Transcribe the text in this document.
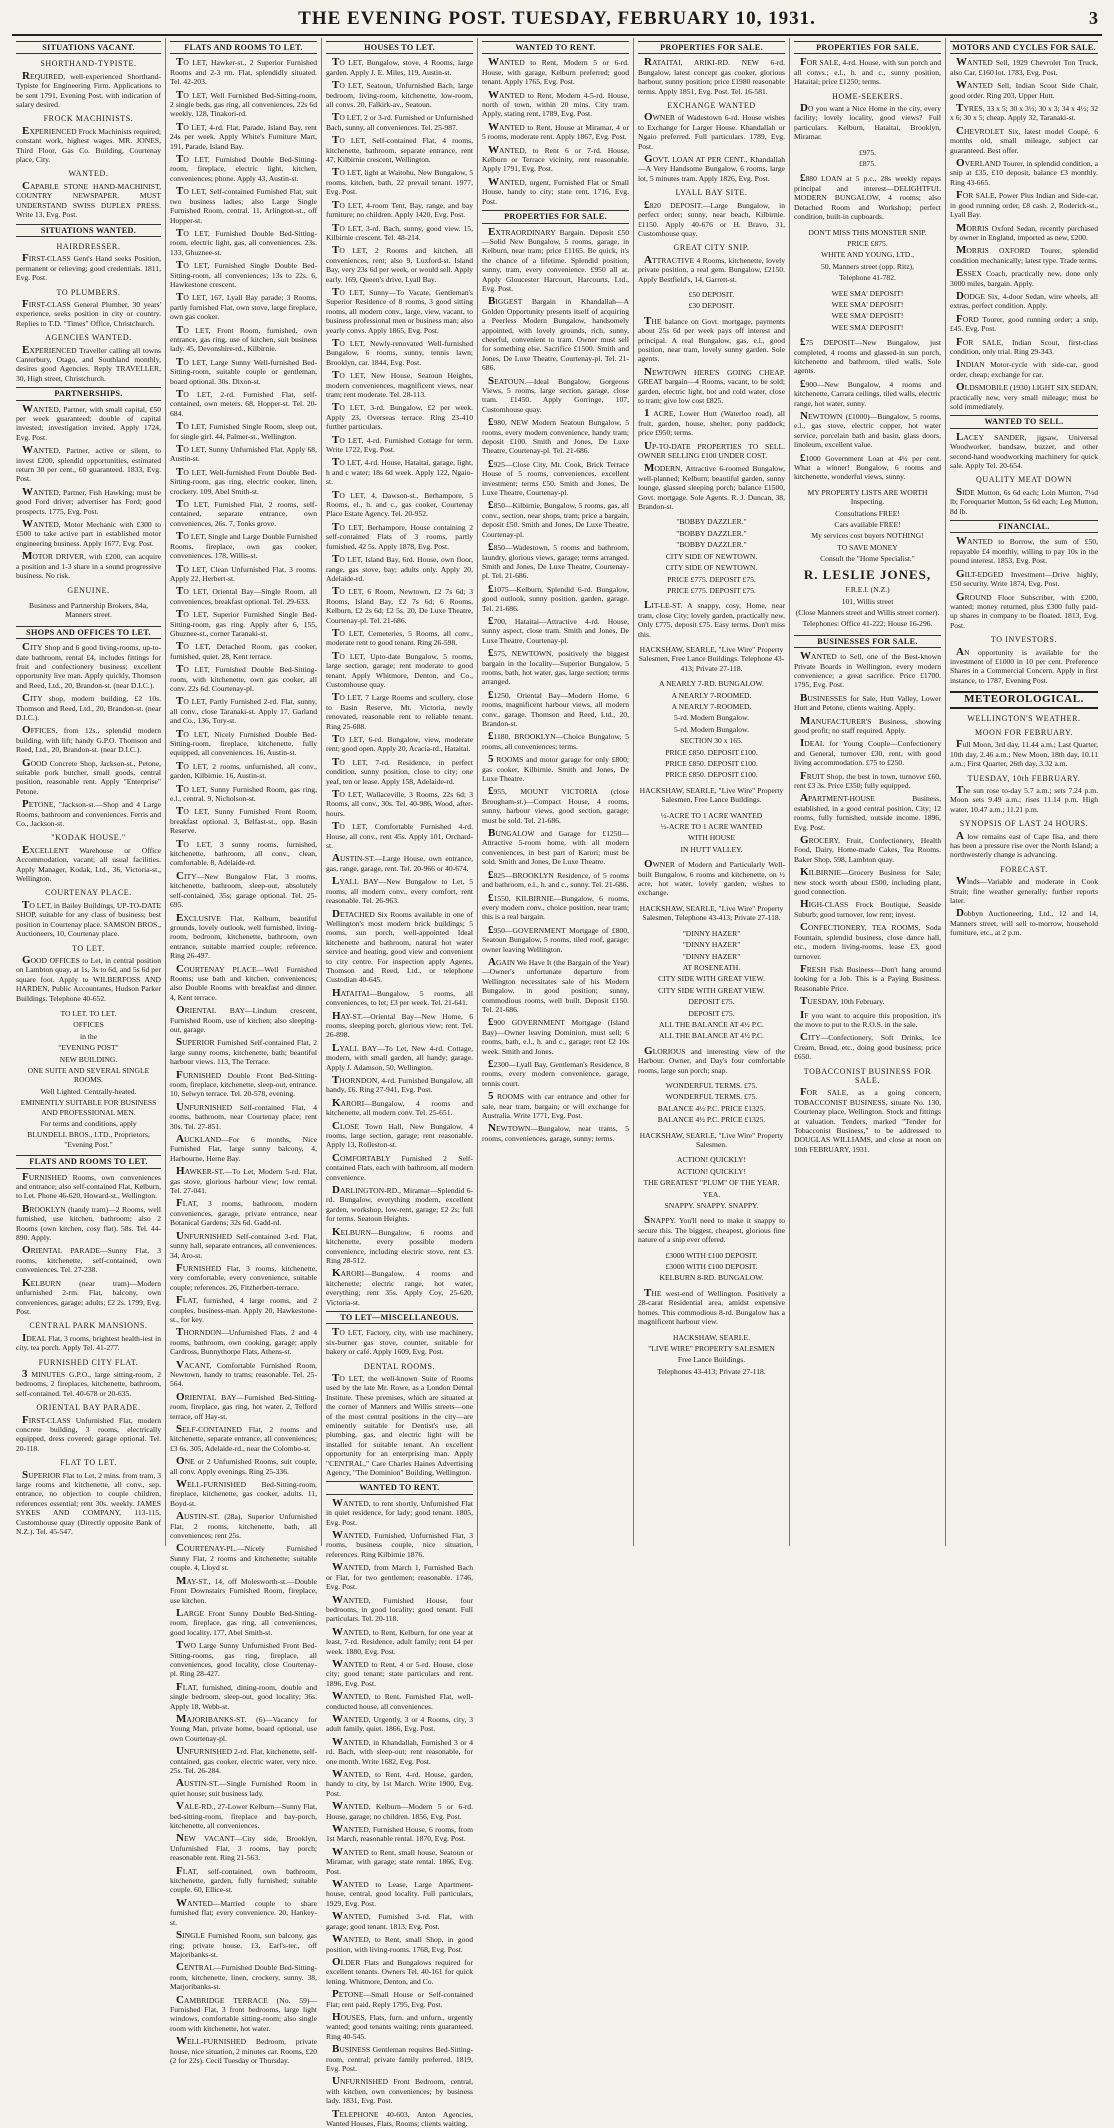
THE EVENING POST. TUESDAY, FEBRUARY 10, 1931.	3
SITUATIONS VACANT.
SHORTHAND-TYPISTE.

REQUIRED, well-experienced Shorthand-Typiste for Engineering Firm. Applications to be sent 1791, Evening Post, with indication of salary desired.

FROCK MACHINISTS.

EXPERIENCED Frock Machinists required; constant work, highest wages. MR. JONES, Third Floor, Gas Co. Building, Courtenay place, City.

WANTED.

CAPABLE STONE HAND-MACHINIST, COUNTRY NEWSPAPER. MUST UNDERSTAND SWISS DUPLEX PRESS. Write 13, Evg. Post.

SITUATIONS WANTED.
HAIRDRESSER.

FIRST-CLASS Gent's Hand seeks Position, permanent or relieving; good credentials. 1811, Evg. Post.

TO PLUMBERS.

FIRST-CLASS General Plumber, 30 years' experience, seeks position in city or country. Replies to T.D. "Times" Office, Christchurch.

AGENCIES WANTED.

EXPERIENCED Traveller calling all towns Canterbury, Otago, and Southland monthly, desires good Agencies. Reply TRAVELLER, 30, High street, Christchurch.

PARTNERSHIPS.

WANTED, Partner, with small capital, £50 per week guaranteed; double of capital invested; investigation invited. Apply 1724, Evg. Post.

WANTED, Partner, active or silent, to invest £200, splendid opportunities, estimated return 30 per cent., 60 guaranteed. 1833, Evg. Post.

WANTED, Partner, Fish Hawking; must be good Ford driver; advertiser has Ford; good prospects. 1775, Evg. Post.

WANTED, Motor Mechanic with £300 to £500 to take active part in established motor engineering business. Apply 1677, Evg. Post.

MOTOR DRIVER, with £200, can acquire a position and 1-3 share in a sound progressive business. No risk.

GENUINE.
Business and Partnership Brokers, 84a, Manners street.
SHOPS AND OFFICES TO LET.

CITY Shop and 6 good living-rooms, up-to-date bathroom, rental £4, includes fittings for fruit and confectionery business; excellent opportunity live man. Apply quickly, Thomson and Reed, Ltd., 20, Brandon-st. (near D.I.C.).

CITY shop, modern building, £2 10s. Thomson and Reed, Ltd., 20, Brandon-st. (near D.I.C.).

OFFICES, from 12s., splendid modern building, with lift; handy G.P.O. Thomson and Reed, Ltd., 20, Brandon-st. (near D.I.C.).

GOOD Concrete Shop, Jackson-st., Petone, suitable pork butcher, small goods, central position, reasonable rent. Apply "Enterprise" Petone.

PETONE, "Jackson-st.—Shop and 4 Large Rooms, bathroom and conveniences. Ferris and Co., Jackson-st.

"KODAK HOUSE."

EXCELLENT Warehouse or Office Accommodation, vacant; all usual facilities. Apply Manager, Kodak, Ltd., 36, Victoria-st., Wellington.

COURTENAY PLACE.

TO LET, in Bailey Buildings, UP-TO-DATE SHOP, suitable for any class of business; best position in Courtenay place. SAMSON BROS., Auctioneers, 10, Courtenay place.

TO LET.

GOOD OFFICES to Let, in central position on Lambton quay, at 1s, 3s to 6d, and 5s 6d per square foot. Apply to WILBERFOSS AND HARDEN, Public Accountants, Hudson Parker Buildings. Telephone 40-652.

TO LET. TO LET.
OFFICES
in the
"EVENING POST"
NEW BUILDING.
ONE SUITE AND SEVERAL SINGLE ROOMS.
Well Lighted. Centrally-heated.
EMINENTLY SUITABLE FOR BUSINESS AND PROFESSIONAL MEN.
For terms and conditions, apply
BLUNDELL BROS., LTD., Proprietors, "Evening Post."
FLATS AND ROOMS TO LET.

FURNISHED Rooms, own conveniences and entrance; also self-contained Flat, Kelburn, to Let. Phone 46-620, Howard-st., Wellington.

BROOKLYN (handy tram)—2 Rooms, well furnished, use kitchen, bathroom; also 2 Rooms (own kitchen, cosy flat). 58s. Tel. 44-890. Apply.

ORIENTAL PARADE—Sunny Flat, 3 rooms, kitchenette, self-contained, own conveniences. Tel. 27-238.

KELBURN (near tram)—Modern unfurnished 2-rm. Flat, balcony, own conveniences, garage; adults; £2 2s. 1799, Evg. Post.

CENTRAL PARK MANSIONS.

IDEAL Flat, 3 rooms, brightest health-iest in city, tea porch. Apply Tel. 41-277.

FURNISHED CITY FLAT.

3 MINUTES G.P.O., large sitting-room, 2 bedrooms, 2 fireplaces, kitchenette, bathroom, self-contained. Tel. 40-678 or 20-635.

ORIENTAL BAY PARADE.

FIRST-CLASS Unfurnished Flat, modern concrete building, 3 rooms, electrically equipped, dress covered; garage optional. Tel. 20-118.

FLAT TO LET.

SUPERIOR Flat to Let, 2 mins. from tram, 3 large rooms and kitchenette, all conv., sep. entrance, no objection to couple children, references essential; rent 30s. weekly. JAMES SYKES AND COMPANY, 113-115, Customhouse quay (Directly opposite Bank of N.Z.). Tel. 45-547.

FLATS AND ROOMS TO LET.

TO LET, Hawker-st., 2 Superior Furnished Rooms and 2-3 rm. Flat, splendidly situated. Tel. 42-203.

TO LET, Well Furnished Bed-Sitting-room, 2 single beds, gas ring, all conveniences, 22s 6d weekly. 128, Tinakori-rd.

TO LET, 4-rd. Flat, Parade, Island Bay, rent 24s per week. Apply White's Furniture Mart, 191, Parade, Island Bay.

TO LET, Furnished Double Bed-Sitting-room, fireplace, electric light, kitchen, conveniences; phone. Apply 43, Austin-st.

TO LET, Self-contained Furnished Flat, suit two business ladies; also Large Single Furnished Room, central. 11, Arlington-st., off Hopper-st.

TO LET, Furnished Double Bed-Sitting-room, electric light, gas, all conveniences. 23s. 133, Ghuznee-st.

TO LET, Furnished Single Double Bed-Sitting-room, all conveniences; 13s to 22s. 6, Hawkestone crescent.

TO LET, 167, Lyall Bay parade; 3 Rooms, partly furnished Flat, own stove, large fireplace, own gas cooker.

TO LET, Front Room, furnished, own entrance, gas ring, use of kitchen, suit business lady. 45, Devonshire-rd., Kilbirnie.

TO LET, Large Sunny Well-furnished Bed-Sitting-room, suitable couple or gentleman, board optional. 30s. Dixon-st.

TO LET, 2-rd. Furnished Flat, self-contained, own meters. 68, Hopper-st. Tel. 20-684.

TO LET, Furnished Single Room, sleep out, for single girl. 44, Palmer-st., Wellington.

TO LET, Sunny Unfurnished Flat. Apply 68, Austin-st.

TO LET, Well-furnished Front Double Bed-Sitting-room, gas ring, electric cooker, linen, crockery. 109, Abel Smith-st.

TO LET, Furnished Flat, 2 rooms, self-contained, separate entrance, own conveniences, 26s. 7, Tonks grove.

TO LET, Single and Large Double Furnished Rooms, fireplace, own gas cooker, conveniences. 178, Willis-st.

TO LET, Clean Unfurnished Flat, 3 rooms. Apply 22, Herbert-st.

TO LET, Oriental Bay—Single Room, all conveniences, breakfast optional. Tel. 29-633.

TO LET, Superior Furnished Single Bed-Sitting-room, gas ring. Apply after 6, 155, Ghuznee-st., corner Taranaki-st.

TO LET, Detached Room, gas cooker, furnished, quiet. 28, Kent terrace.

TO LET, Furnished Double Bed-Sitting-room, with kitchenette, own gas cooker, all conv. 22s 6d. Courtenay-pl.

TO LET, Partly Furnished 2-rd. Flat, sunny, all conv., close Taranaki-st. Apply 17, Garland and Co., 136, Tory-st.

TO LET, Nicely Furnished Double Bed-Sitting-room, fireplace, kitchenette, fully equipped, all conveniences. 16, Austin-st.

TO LET, 2 rooms, unfurnished, all conv., garden, Kilbirnie. 16, Austin-st.

TO LET, Sunny Furnished Room, gas ring, e.l., central. 9, Nicholson-st.

TO LET, Sunny Furnished Front Room, breakfast optional. 3, Belfast-st., opp. Basin Reserve.

TO LET, 3 sunny rooms, furnished, kitchenette, bathroom, all conv., clean, comfortable. 8, Adelaide-rd.

CITY—New Bungalow Flat, 3 rooms, kitchenette, bathroom, sleep-out, absolutely self-contained, 35s; garage optional. Tel. 25-695.

EXCLUSIVE Flat, Kelburn, beautiful grounds, lovely outlook, well furnished, living-room, bedroom, kitchenette, bathroom, own entrance, suitable married couple; reference. Ring 26-497.

COURTENAY PLACE—Well Furnished Rooms; use bath and kitchen, conveniences; also Double Rooms with breakfast and dinner. 4, Kent terrace.

ORIENTAL BAY—Lindum crescent, Furnished Room, use of kitchen; also sleeping-out, garage.

SUPERIOR Furnished Self-contained Flat, 2 large sunny rooms, kitchenette, bath; beautiful harbour views. 113, The Terrace.

FURNISHED Double Front Bed-Sitting-room, fireplace, kitchenette, sleep-out, entrance. 10, Selwyn terrace. Tel. 20-578, evening.

UNFURNISHED Self-contained Flat, 4 rooms, bathroom, near Courtenay place; rent 30s. Tel. 27-851.

AUCKLAND—For 6 months, Nice Furnished Flat, large sunny balcony, 4, Harbourne, Herne Bay.

HAWKER-ST.—To Let, Modern 5-rd. Flat, gas stove, glorious harbour view; low rental. Tel. 27-041.

FLAT, 3 rooms, bathroom, modern conveniences, garage, private entrance, near Botanical Gardens; 32s 6d. Gadd-rd.

UNFURNISHED Self-contained 3-rd. Flat, sunny hall, separate entrances, all conveniences. 34, Aro-st.

FURNISHED Flat, 3 rooms, kitchenette, very comfortable, every convenience, suitable couple; references. 26, Fitzherbert-terrace.

FLAT, furnished, 4 large rooms, and 2 couples, business-man. Apply 20, Hawkestone-st., for key.

THORNDON—Unfurnished Flats, 2 and 4 rooms, bathroom, own cooking, garage; apply Cardross, Bunnythorpe Flats, Athens-st.

VACANT, Comfortable Furnished Room, Newtown, handy to trams; reasonable. Tel. 25-564.

ORIENTAL BAY—Furnished Bed-Sitting-room, fireplace, gas ring, hot water. 2, Telford terrace, off Hay-st.

SELF-CONTAINED Flat, 2 rooms and kitchenette, separate entrance, all conveniences; £3 6s. 305, Adelaide-rd., near the Colombo-st.

ONE or 2 Unfurnished Rooms, suit couple, all conv. Apply evenings. Ring 25-336.

WELL-FURNISHED Bed-Sitting-room, fireplace, kitchenette, gas cooker, adults. 11, Boyd-st.

AUSTIN-ST. (28a), Superior Unfurnished Flat, 2 rooms, kitchenette, bath, all conveniences; rent 25s.

COURTENAY-PL.—Nicely Furnished Sunny Flat, 2 rooms and kitchenette; suitable couple. 4, Lloyd st.

MAY-ST., 14, off Molesworth-st.—Double Front Downstairs Furnished Room, fireplace, use kitchen.

LARGE Front Sunny Double Bed-Sitting-room, fireplace, gas ring, all conveniences, good locality. 177, Abel Smith-st.

TWO Large Sunny Unfurnished Front Bed-Sitting-rooms, gas ring, fireplace, all conveniences, good locality, close Courtenay-pl. Ring 28-427.

FLAT, furnished, dining-room, double and single bedroom, sleep-out, good locality; 36s. Apply 18, Webb-st.

MAJORIBANKS-ST. (6)—Vacancy for Young Man, private home, board optional, use own Courtenay-pl.

UNFURNISHED 2-rd. Flat, kitchenette, self-contained, gas cooker, electric water, very nice. 25s. Tel. 26-284.

AUSTIN-ST.—Single Furnished Room in quiet house; suit business lady.

VALE-RD., 27-Lower Kelburn—Sunny Flat, bed-sitting-room, fireplace and bay-porch, kitchenette, all conveniences.

NEW VACANT—City side, Brooklyn, Unfurnished Flat, 3 rooms, bay porch; reasonable rent. Ring 21-563.

FLAT, self-contained, own bathroom, kitchenette, garden, fully furnished; suitable couple. 60, Ellice-st.

WANTED—Married couple to share furnished flat; every convenience. 20, Hankey-st.

SINGLE Furnished Room, sun balcony, gas ring; private house. 13, Earl's-ter., off Majoribanks-st.

CENTRAL—Furnished Double Bed-Sitting-room, kitchenette, linen, crockery, sunny. 38, Marjoribanks-st.

CAMBRIDGE TERRACE (No. 59)—Furnished Flat, 3 front bedrooms, large light windows, comfortable sitting-room; also single room with kitchenette, hot water.

WELL-FURNISHED Bedroom, private house, nice situation, 2 minutes car. Rooms, £20 (2 for 22s). Cecil Tuesday or Thursday.

HOUSES TO LET.

TO LET, Bungalow, stove, 4 Rooms, large garden. Apply J. E. Miles, 119, Austin-st.

TO LET, Seatoun, Unfurnished Bach, large bedroom, living-room, kitchenette, low-room, all convs. 20, Falkirk-av., Seatoun.

TO LET, 2 or 3-rd. Furnished or Unfurnished Bach, sunny, all conveniences. Tel. 25-987.

TO LET, Self-contained Flat, 4 rooms, kitchenette, bathroom, separate entrance, rent 47, Kilbirnie crescent, Wellington.

TO LET, light at Waitohu, New Bungalow, 5 rooms, kitchen, bath, 22 prevail tenant. 1977, Evg. Post.

TO LET, 4-room Tent, Bay, range, and bay furniture; no children. Apply 1420, Evg. Post.

TO LET, 3-rd. Bach, sunny, good view. 15, Kilbirnie crescent. Tel. 48-214.

TO LET, 2 Rooms and kitchen, all conveniences, rent; also 9, Luxford-st. Island Bay, very 23s 6d per week, or would sell. Apply early. 169, Queen's drive, Lyall Bay.

TO LET, Sunny—To Vacate, Gentleman's Superior Residence of 8 rooms, 3 good sitting rooms, all modern conv., large, view, vacant, to business professional men or business man; also yearly convs. Apply 1865, Evg. Post.

TO LET, Newly-renovated Well-furnished Bungalow, 6 rooms, sunny, tennis lawn; Brooklyn, car. 1844, Evg. Post.

TO LET, New House, Seatoun Heights, modern conveniences, magnificent views, near tram; rent moderate. Tel. 28-113.

TO LET, 3-rd. Bungalow, £2 per week. Apply 23, Overseas terrace. Ring 23-410 further particulars.

TO LET, 4-rd. Furnished Cottage for term. Write 1722, Evg. Post.

TO LET, 4-rd. House, Hataitai, garage, light, h and c water; 18s 6d week. Apply 122, Ngaio-st.

TO LET, 4, Dawson-st., Berhampore, 5 Rooms, el., h. and c., gas cooker, Courtenay Place Estate Agency. Tel. 20-952.

TO LET, Berhampore, House containing 2 self-contained Flats of 3 rooms, partly furnished, 42 5s. Apply 1878, Evg. Post.

TO LET, Island Bay, 6rd. House, own floor, range, gas stove, bay; adults only. Apply 20, Adelaide-rd.

TO LET, 6 Room, Newtown, £2 7s 6d; 3 Rooms, Island Bay, £2 7s 6d; 6 Rooms, Kelburn, £2 2s 6d; £2 5s. 20, De Luxe Theatre, Courtenay-pl. Tel. 21-686.

TO LET, Cemeteries, 5 Rooms, all conv., moderate rent to good tenant. Ring 26-598.

TO LET, Upto-date Bungalow, 5 rooms, large section, garage; rent moderate to good tenant. Apply Whitmore, Denton, and Co., Customhouse quay.

TO LET, 7 Large Rooms and scullery, close to Basin Reserve, Mt. Victoria, newly renovated, reasonable rent to reliable tenant. Ring 25-688.

TO LET, 6-rd. Bungalow, view, moderate rent; good open. Apply 20, Acacia-rd., Hataitai.

TO LET, 7-rd. Residence, in perfect condition, sunny position, close to city; one yeaf, ten or lease. Apply 158, Adelaide-rd.

TO LET, Wallaceville, 3 Rooms, 22s 6d; 3 Rooms, all conv., 30s. Tel. 40-986, Wood, after-hours.

TO LET, Comfortable Furnished 4-rd. House, all conv., rent 45s. Apply 101, Orchard-st.

AUSTIN-ST.—Large House, own entrance, gas, range, garage, rent. Tel. 20-966 or 40-674.

LYALL BAY—New Bungalow to Let, 5 rooms, all modern conv., every comfort, rent reasonable. Tel. 26-963.

DETACHED Six Rooms available in one of Wellington's most modern brick buildings; 5 rooms, sun porch, well-appointed Ideal kitchenette and bathroom, natural hot water service and heating, good view and convenient to city centre. For inspection apply Agents, Thomson and Reed, Ltd., or telephone Custodian 40-645.

HATAITAI—Bungalow, 5 rooms, all conveniences, to let; £3 per week. Tel. 21-641.

HAY-ST.—Oriental Bay—New Home, 6 rooms, sleeping porch, glorious view; rent. Tel. 26-898.

LYALL BAY—To Let, New 4-rd. Cottage, modern, with small garden, all handy; garage. Apply J. Adamson, 50, Wellington.

THORNDON, 4-rd. Furnished Bungalow, all handy, £6. Ring 27-941, Evg. Post.

KARORI—Bungalow, 4 rooms and kitchenette, all modern conv. Tel. 25-651.

CLOSE Town Hall, New Bungalow, 4 rooms, large section, garage; rent reasonable. Apply 13, Rolleston-st.

COMFORTABLY Furnished 2 Self-contained Flats, each with bathroom, all modern convenience.

DARLINGTON-RD., Miramar—Splendid 6-rd. Bungalow, everything modern, excellent garden, workshop, low-rent, garage; £2 2s; full for terms. Seatoun Heights.

KELBURN—Bungalow, 6 rooms and kitchenette, every possible modern convenience, including electric stove, rent £3. Ring 28-512.

KARORI—Bungalow, 4 rooms and kitchenette; electric range, hot water, everything; rent 35s. Apply Coy, 25-620, Victoria-st.

TO LET—MISCELLANEOUS.

TO LET, Factory, city, with use machinery, six-burner gas stove, counter, suitable for bakery or café. Apply 1609, Evg. Post.

DENTAL ROOMS.

TO LET, the well-known Suite of Rooms used by the late Mr. Rowe, as a London Dental Institute. These premises, which are situated at the corner of Manners and Willis streets—one of the most central positions in the city—are eminently suitable for Dentist's use, all plumbing, gas, and electric light will be installed for suitable tenant. An excellent opportunity for an enterprising man. Apply "CENTRAL," Care Charles Haines Advertising Agency, "The Dominion" Building, Wellington.

WANTED TO RENT.

WANTED, to rent shortly, Unfurnished Flat in quiet residence, for lady; good tenant. 1805, Evg. Post.

WANTED, Furnished, Unfurnished Flat, 3 rooms, business couple, nice situation, references. Ring Kilbirnie 1876.

WANTED, from March 1, Furnished Bach or Flat, for two gentlemen; reasonable. 1746, Evg. Post.

WANTED, Furnished House, four bedrooms, in good locality; good tenant. Full particulars. Tel. 20-118.

WANTED, to Rent, Kelburn, for one year at least, 7-rd. Residence, adult family; rent £4 per week. 1880, Evg. Post.

WANTED to Rent, 4 or 5-rd. House, close city; good tenant; state particulars and rent. 1896, Evg. Post.

WANTED, to Rent, Furnished Flat, well-conducted house, all conveniences.

WANTED, Urgently, 3 or 4 Rooms, city, 3 adult family, quiet. 1866, Evg. Post.

WANTED, in Khandallah, Furnished 3 or 4 rd. Bach, with sleep-out; rent reasonable, for one month. Write 1682, Evg. Post.

WANTED, to Rent, 4-rd. House, garden, handy to city, by 1st March. Write 1900, Evg. Post.

WANTED, Kelburn—Modern 5 or 6-rd. House, garage; no children. 1856, Evg. Post.

WANTED, Furnished House, 6 rooms, from 1st March, reasonable rental. 1870, Evg. Post.

WANTED to Rent, small house, Seatoun or Miramar, with garage; state rental. 1866, Evg. Post.

WANTED to Lease, Large Apartment-house, central, good locality. Full particulars, 1929, Evg. Post.

WANTED, Furnished 3-rd. Flat, with garage; good tenant. 1813, Evg. Post.

WANTED, to Rent, small Shop, in good position, with living-rooms. 1768, Evg. Post.

OLDER Flats and Bungalows required for excellent tenants. Owners Tel. 40-161 for quick letting. Whitmore, Denton, and Co.

PETONE—Small House or Self-contained Flat; rent paid. Reply 1795, Evg. Post.

HOUSES, Flats, furn. and unfurn., urgently wanted; good tenants waiting; rents guaranteed. Ring 40-545.

BUSINESS Gentleman requires Bed-Sitting-room, central; private family preferred. 1819, Evg. Post.

UNFURNISHED Front Bedroom, central, with kitchen, own conveniences; by business lady. 1831, Evg. Post.

TELEPHONE 40-603, Anton Agencies, Wanted Houses, Flats, Rooms; clients waiting.

WANTED TO RENT.

WANTED to Rent, Modern 5 or 6-rd. House, with garage, Kelburn preferred; good tenant. Apply 1765, Evg. Post.

WANTED to Rent, Modern 4-5-rd. House, north of town, within 20 mins. City tram. Apply, stating rent, 1789, Evg. Post.

WANTED to Rent, House at Miramar, 4 or 5 rooms, moderate rent. Apply 1867, Evg. Post.

WANTED, to Rent 6 or 7-rd. House, Kelburn or Terrace vicinity, rent reasonable. Apply 1791, Evg. Post.

WANTED, urgent, Furnished Flat or Small House, handy to city; state rent. 1716, Evg. Post.

PROPERTIES FOR SALE.

EXTRAORDINARY Bargain. Deposit £50—Solid New Bungalow, 5 rooms, garage, in Kelburn, near tram; price £1165. Be quick, it's the chance of a lifetime. Splendid position, sunny, tram, every convenience. £950 all at. Apply Gloucester Harcourt, Harcourts, Ltd., Evg. Post.

BIGGEST Bargain in Khandallah—A Golden Opportunity presents itself of acquiring a Peerless Modern Bungalow, handsomely appointed, with lovely grounds, rich, sunny, cheerful, convenient to tram. Owner must sell for something else. Sacrifice £1500. Smith and Jones, De Luxe Theatre, Courtenay-pl. Tel. 21-686.

SEATOUN.—Ideal Bungalow, Gorgeous Views, 5 rooms, large section, garage, close tram. £1450. Apply Gorringe, 107, Customhouse quay.

£980, NEW Modern Seatoun Bungalow, 5 rooms, every modern convenience, handy tram; deposit £100. Smith and Jones, De Luxe Theatre, Courtenay-pl. Tel. 21-686.

£925—Close City, Mt. Cook, Brick Terrace House of 5 rooms, conveniences, excellent investment; terms £50. Smith and Jones, De Luxe Theatre, Courtenay-pl.

£850—Kilbirnie, Bungalow, 5 rooms, gas, all conv., section, near shops, tram; price a bargain, deposit £50. Smith and Jones, De Luxe Theatre, Courtenay-pl.

£850—Wadestown, 5 rooms and bathroom, laundry, glorious views, garage; terms arranged. Smith and Jones, De Luxe Theatre, Courtenay-pl. Tel. 21-686.

£1075—Kelburn, Splendid 6-rd. Bungalow, good outlook, sunny position, garden, garage. Tel. 21-686.

£700, Hataitai—Attractive 4-rd. House, sunny aspect, close tram. Smith and Jones, De Luxe Theatre, Courtenay-pl.

£575, NEWTOWN, positively the biggest bargain in the locality—Superior Bungalow, 5 rooms, bath, hot water, gas, large section; terms arranged.

£1250, Oriental Bay—Modern Home, 6 rooms, magnificent harbour views, all modern conv., garage. Thomson and Reed, Ltd., 20, Brandon-st.

£1180, BROOKLYN—Choice Bungalow, 5 rooms, all conveniences; terms.

5 ROOMS and motor garage for only £800; gas cooker, Kilbirnie. Smith and Jones, De Luxe Theatre.

£955, MOUNT VICTORIA (close Brougham-st.)—Compact House, 4 rooms, sunny, harbour views, good section, garage; must be sold. Tel. 21-686.

BUNGALOW and Garage for £1250—Attractive 5-room home, with all modern conveniences, in best part of Karori; must be sold. Smith and Jones, De Luxe Theatre.

£825—BROOKLYN Residence, of 5 rooms and bathroom, e.l., h. and c., sunny. Tel. 21-686.

£1550, KILBIRNIE—Bungalow, 6 rooms, every modern conv., choice position, near tram; this is a real bargain.

£950—GOVERNMENT Mortgage of £800, Seatoun Bungalow, 5 rooms, tiled roof, garage; owner leaving Wellington.

AGAIN We Have It (the Bargain of the Year)—Owner's unfortunate departure from Wellington necessitates sale of his Modern Bungalow, in good position; sunny, commodious rooms, well built. Deposit £150. Tel. 21-686.

£900 GOVERNMENT Mortgage (Island Bay)—Owner leaving Dominion, must sell; 6 rooms, bath, e.l., h. and c., garage; rent £2 10s week. Smith and Jones.

£2300—Lyall Bay, Gentleman's Residence, 8 rooms, every modern convenience, garage, tennis court.

5 ROOMS with car entrance and other for sale, near tram, bargain; or will exchange for Australia. Write 1771, Evg. Post.

NEWTOWN—Bungalow, near trams, 5 rooms, conveniences, garage, sunny; terms.

PROPERTIES FOR SALE.

RATAITAI, ARIKI-RD. NEW 6-rd. Bungalow, latest concept gas cooker, glorious harbour, sunny position; price £1980 reasonable terms. Apply 1851, Evg. Post. Tel. 16-581.

EXCHANGE WANTED

OWNER of Wadestown 6-rd. House wishes to Exchange for Larger House. Khandallah or Ngaio preferred. Full particulars. 1789, Evg. Post.

GOVT. LOAN AT PER CENT., Khandallah—A Very Handsome Bungalow, 6 rooms, large lot, 5 minutes tram. Apply 1826, Evg. Post.

LYALL BAY SITE.

£820 DEPOSIT.—Large Bungalow, in perfect order; sunny, near beach, Kilbirnie. £1150. Apply 40-676 or H. Bravo, 31, Customhouse quay.

GREAT CITY SNIP.

ATTRACTIVE 4 Rooms, kitchenette, lovely private position, a real gem. Bungalow, £2150. Apply Bestfield's, 14, Garrett-st.

£50 DEPOSIT.
£30 DEPOSIT.

THE balance on Govt. mortgage, payments about 25s 6d per week pays off interest and principal. A real Bungalow, gas, e.l., good position, near tram, lovely sunny garden. Sole agents.

NEWTOWN HERE'S GOING CHEAP. GREAT bargain—4 Rooms, vacant, to be sold; garden, electric light, hot and cold water, close to tram; give low cost £825.

1 ACRE, Lower Hutt (Waterloo road), all fruit, garden, house, shelter, pony paddock; price £950; terms.

UP-TO-DATE PROPERTIES TO SELL. OWNER SELLING £100 UNDER COST.

MODERN, Attractive 6-roomed Bungalow, well-planned; Kelburn; beautiful garden, sunny lounge, glassed sleeping porch; balance £1500, Govt. mortgage. Sole Agents. R. J. Duncan, 38, Brandon-st.

"BOBBY DAZZLER."
"BOBBY DAZZLER."
"BOBBY DAZZLER."
CITY SIDE OF NEWTOWN.
CITY SIDE OF NEWTOWN.
PRICE £775. DEPOSIT £75.
PRICE £775. DEPOSIT £75.

LIT-LE-ST. A snappy, cosy, Home, near tram, close City; lovely garden, practically new. Only £775, deposit £75. Easy terms. Don't miss this.

HACKSHAW, SEARLE, "Live Wire" Property Salesmen, Free Lance Buildings. Telephone 43-413; Private 27-118.
A NEARLY 7-RD. BUNGALOW.
A NEARLY 7-ROOMED.
A NEARLY 7-ROOMED.
5-rd. Modern Bungalow.
5-rd. Modern Bungalow.
SECTION 30 x 165.
PRICE £850. DEPOSIT £100.
PRICE £850. DEPOSIT £100.
PRICE £850. DEPOSIT £100.
HACKSHAW, SEARLE, "Live Wire" Property Salesmen, Free Lance Buildings.
½-ACRE TO 1 ACRE WANTED
½-ACRE TO 1 ACRE WANTED
WITH HOUSE
IN HUTT VALLEY.

OWNER of Modern and Particularly Well-built Bungalow, 6 rooms and kitchenette, on ½ acre, hot water, lovely garden, wishes to exchange.

HACKSHAW, SEARLE, "Live Wire" Property Salesmen, Telephone 43-413; Private 27-118.
"DINNY HAZER"
"DINNY HAZER"
"DINNY HAZER"
AT ROSENEATH.
CITY SIDE WITH GREAT VIEW.
CITY SIDE WITH GREAT VIEW.
DEPOSIT £75.
DEPOSIT £75.
ALL THE BALANCE AT 4½ P.C.
ALL THE BALANCE AT 4½ P.C.

GLORIOUS and interesting view of the Harbour. Owner, and Day's four comfortable rooms, large sun porch; snap.

WONDERFUL TERMS. £75.
WONDERFUL TERMS. £75.
BALANCE 4½ P.C. PRICE £1325.
BALANCE 4½ P.C. PRICE £1325.
HACKSHAW, SEARLE, "Live Wire" Property Salesmen.
ACTION! QUICKLY!
ACTION! QUICKLY!
THE GREATEST "PLUM" OF THE YEAR.
YEA.
SNAPPY. SNAPPY. SNAPPY.

SNAPPY. You'll need to make it snappy to secure this. The biggest, cheapest, glorious fine nature of a snip ever offered.

£3000 WITH £100 DEPOSIT.
£3000 WITH £100 DEPOSIT.
KELBURN 8-RD. BUNGALOW.

THE west-end of Wellington. Positively a 28-carat Residential area, amidst expensive homes. This commodious 8-rd. Bungalow has a magnificent harbour view.

HACKSHAW, SEARLE.
"LIVE WIRE" PROPERTY SALESMEN
Free Lance Buildings.
Telephones 43-413; Private 27-118.
PROPERTIES FOR SALE.

FOR SALE, 4-rd. House, with sun porch and all convs.; e.l., h. and c., sunny position, Hataitai; price £1250; terms.

HOME-SEEKERS.

DO you want a Nice Home in the city, every facility; lovely locality, good views? Full particulars. Kelburn, Hataitai, Brooklyn, Miramar.

£975.
£875.

£880 LOAN at 5 p.c., 28s weekly repays principal and interest—DELIGHTFUL MODERN BUNGALOW, 4 rooms; also Detached Room and Workshop; perfect condition, built-in cupboards.

DON'T MISS THIS MONSTER SNIP.
PRICE £875.
WHITE AND YOUNG, LTD.,
50, Manners street (opp. Ritz),
Telephone 41-782.
WEE SMA' DEPOSIT!
WEE SMA' DEPOSIT!
WEE SMA' DEPOSIT!
WEE SMA' DEPOSIT!

£75 DEPOSIT—New Bungalow, just completed, 4 rooms and glassed-in sun porch, kitchenette and bathroom, tiled walls. Sole agents.

£900—New Bungalow, 4 rooms and kitchenette, Carrara ceilings, tiled walls, electric range, hot water, sunny.

NEWTOWN (£1000)—Bungalow, 5 rooms, e.l., gas stove, electric copper, hot water service, porcelain bath and basin, glass doors, linoleum, excellent value.

£1000 Government Loan at 4½ per cent. What a winner! Bungalow, 6 rooms and kitchenette, wonderful views, sunny.

MY PROPERTY LISTS ARE WORTH Inspecting.
Consultations FREE!
Cars available FREE!
My services cost buyers NOTHING!
TO SAVE MONEY
Consult the "Home Specialist."
R. LESLIE JONES,
F.R.E.I. (N.Z.)
101, Willis street
(Close Manners street and Willis street corner).
Telephones: Office 41-222; House 16-296.
BUSINESSES FOR SALE.

WANTED to Sell, one of the Best-known Private Boards in Wellington, every modern convenience; a great sacrifice. Price £1700. 1795, Evg. Post.

BUSINESSES for Sale, Hutt Valley, Lower Hutt and Petone, clients waiting. Apply.

MANUFACTURER'S Business, showing good profit; no staff required. Apply.

IDEAL for Young Couple—Confectionery and General, turnover £30, rent, with good living accommodation. £75 to £250.

FRUIT Shop, the best in town, turnover £60, rent £3 3s. Price £350; fully equipped.

APARTMENT-HOUSE Business, established, in a good central position, City; 12 rooms, fully furnished, outside income. 1896, Evg. Post.

GROCERY, Fruit, Confectionery, Health Food, Dairy, Home-made Cakes, Tea Rooms. Baker Shop, 598, Lambton quay.

KILBIRNIE—Grocery Business for Sale; new stock worth about £500, including plant, good connection.

HIGH-CLASS Frock Boutique, Seaside Suburb; good turnover, low rent; invest.

CONFECTIONERY, TEA ROOMS, Soda Fountain, splendid business, close dance hall, etc., modern living-rooms, lease £3, good turnover.

FRESH Fish Business—Don't hang around looking for a Job. This is a Paying Business. Reasonable Price.

TUESDAY, 10th February.

IF you want to acquire this proposition, it's the move to put to the R.O.S. in the sale.

CITY—Confectionery, Soft Drinks, Ice Cream, Bread, etc., doing good business; price £650.

TOBACCONIST BUSINESS FOR SALE.

FOR SALE, as a going concern, TOBACCONIST BUSINESS, situate No. 130, Courtenay place, Wellington. Stock and fittings at valuation. Tenders, marked "Tender for Tobacconist Business," to be addressed to DOUGLAS WILLIAMS, and close at noon on 10th FEBRUARY, 1931.

MOTORS AND CYCLES FOR SALE.

WANTED Sell, 1929 Chevrolet Ton Truck, also Car, £160 lot. 1783, Evg. Post.

WANTED Sell, Indian Scout Side Chair, good order. Ring 203, Upper Hutt.

TYRES, 33 x 5; 30 x 3½; 30 x 3; 34 x 4½; 32 x 6; 30 x 5; cheap. Apply 32, Taranaki-st.

CHEVROLET Six, latest model Coupé, 6 months old, small mileage, subject car guaranteed. Best offer.

OVERLAND Tourer, in splendid condition, a snip at £35, £10 deposit, balance £3 monthly. Ring 43-665.

FOR SALE, Power Plus Indian and Side-car, in good running order, £8 cash. 2, Roderick-st., Lyall Bay.

MORRIS Oxford Sedan, recently purchased by owner in England, imported as new, £200.

MORRIS OXFORD Tourer, splendid condition mechanically; latest type. Trade terms.

ESSEX Coach, practically new, done only 3000 miles, bargain. Apply.

DODGE Six, 4-door Sedan, wire wheels, all extras, perfect condition. Apply.

FORD Tourer, good running order; a snip, £45. Evg. Post.

FOR SALE, Indian Scout, first-class condition, only trial. Ring 29-343.

INDIAN Motor-cycle with side-car, good order, cheap; exchange for car.

OLDSMOBILE (1930) LIGHT SIX SEDAN, practically new, very small mileage; must be sold immediately.

WANTED TO SELL.

LACEY SANDER, jigsaw, Universal Woodworker, bandsaw, buzzer, and other second-hand woodworking machinery for quick sale. Apply Tel. 20-654.

QUALITY MEAT DOWN

SIDE Mutton, 6s 6d each; Loin Mutton, 7½d lb; Forequarter Mutton, 5s 6d each; Leg Mutton, 8d lb.

FINANCIAL.

WANTED to Borrow, the sum of £50, repayable £4 monthly, willing to pay 10s in the pound interest. 1853, Evg. Post.

GILT-EDGED Investment—Drive highly, £50 security. Write 1874, Evg. Post.

GROUND Floor Subscriber, with £200, wanted; money returned, plus £300 fully paid-up shares in company to be floated. 1813, Evg. Post.

TO INVESTORS.

AN opportunity is available for the investment of £1000 in 10 per cent. Preference Shares in a Commercial Concern. Apply in first instance, to 1787, Evening Post.

METEOROLOGICAL.
WELLINGTON'S WEATHER.
MOON FOR FEBRUARY.

Full Moon, 3rd day, 11.44 a.m.; Last Quarter, 10th day, 2.46 a.m.; New Moon, 18th day, 10.11 a.m.; First Quarter, 26th day, 3.32 a.m.

TUESDAY, 10th FEBRUARY.

The sun rose to-day 5.7 a.m.; sets 7.24 p.m. Moon sets 9.49 a.m.; rises 11.14 p.m. High water, 10.47 a.m.; 11.21 p.m.

SYNOPSIS OF LAST 24 HOURS.

A low remains east of Cape Ilsa, and there has been a pressure rise over the North Island; a northwesterly change is advancing.

FORECAST.

Winds—Variable and moderate in Cook Strait; fine weather generally; further reports later.

Dobbyn Auctioneering, Ltd., 12 and 14, Manners street, will sell to-morrow, household furniture, etc., at 2 p.m.
